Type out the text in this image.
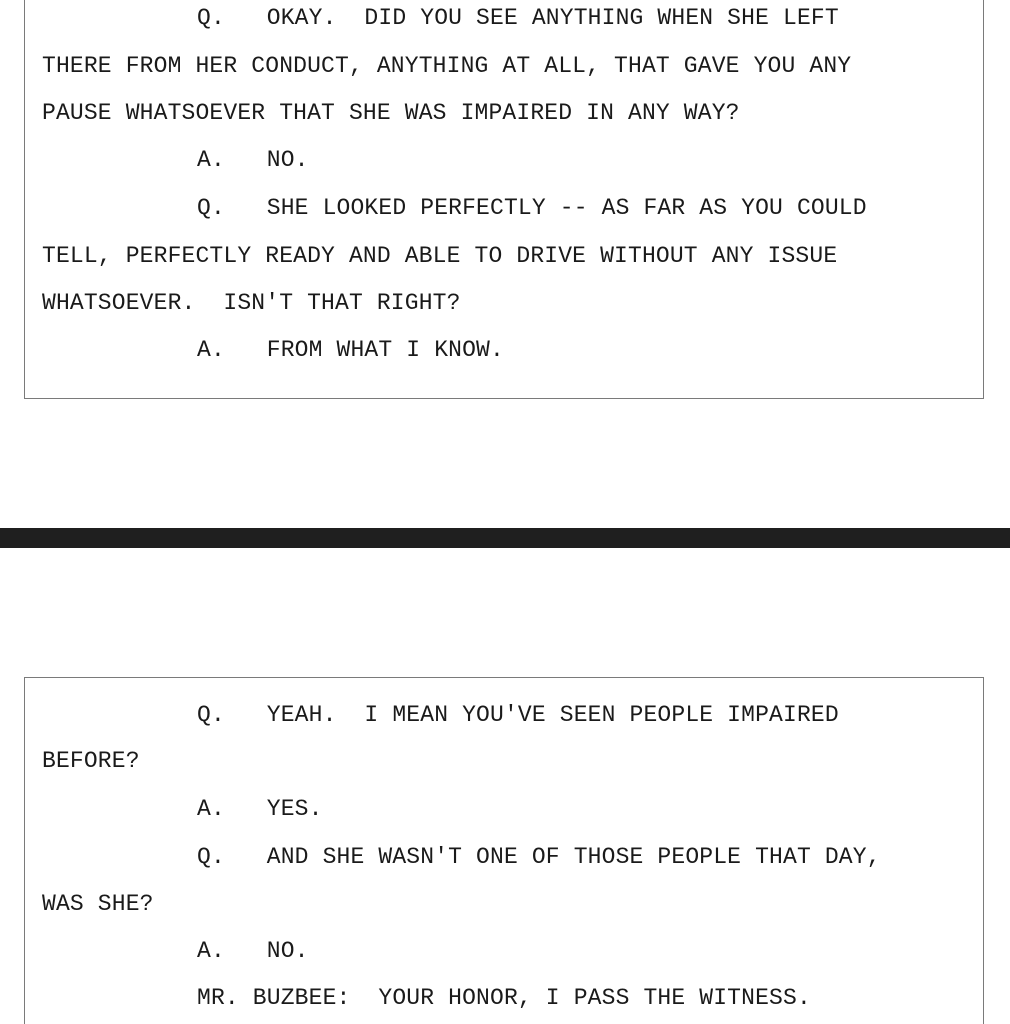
Q.   OKAY.  DID YOU SEE ANYTHING WHEN SHE LEFT
THERE FROM HER CONDUCT, ANYTHING AT ALL, THAT GAVE YOU ANY
PAUSE WHATSOEVER THAT SHE WAS IMPAIRED IN ANY WAY?
A.   NO.
Q.   SHE LOOKED PERFECTLY -- AS FAR AS YOU COULD
TELL, PERFECTLY READY AND ABLE TO DRIVE WITHOUT ANY ISSUE
WHATSOEVER.  ISN'T THAT RIGHT?
A.   FROM WHAT I KNOW.
Q.   YEAH.  I MEAN YOU'VE SEEN PEOPLE IMPAIRED
BEFORE?
A.   YES.
Q.   AND SHE WASN'T ONE OF THOSE PEOPLE THAT DAY,
WAS SHE?
A.   NO.
MR. BUZBEE:  YOUR HONOR, I PASS THE WITNESS.
